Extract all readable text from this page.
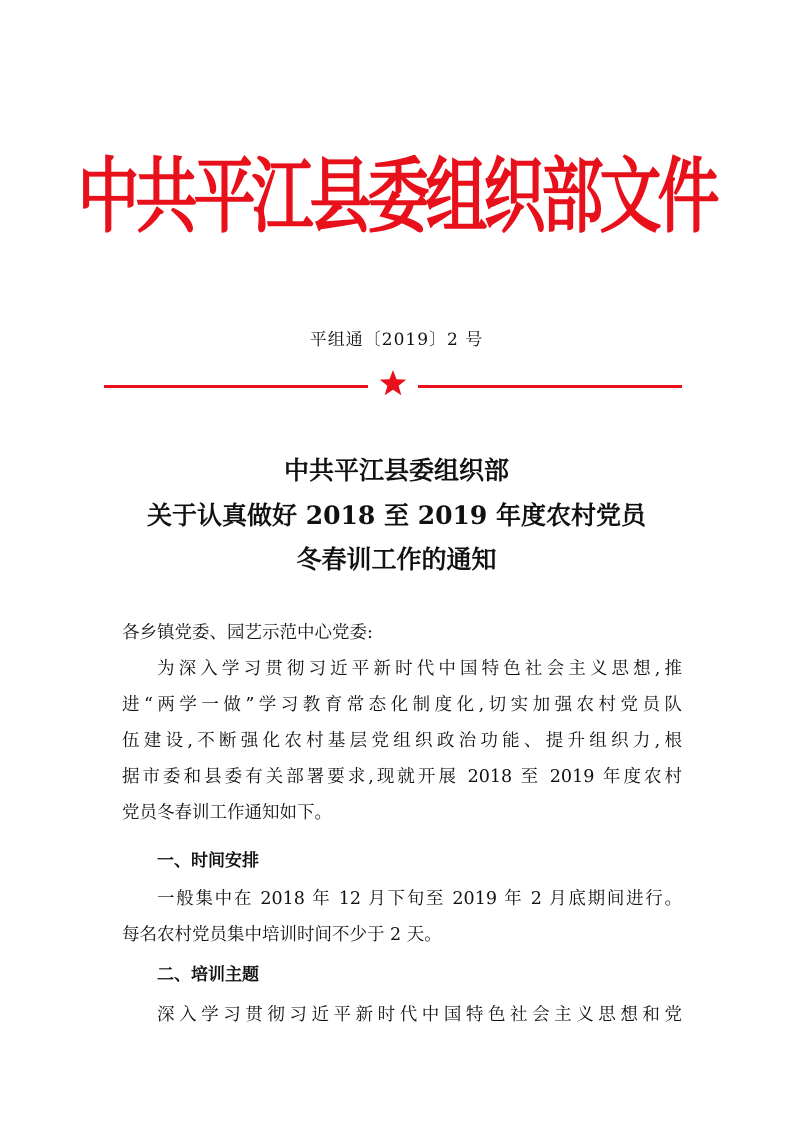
中共平江县委组织部文件
平组通〔2019〕2 号
中共平江县委组织部
关于认真做好 2018 至 2019 年度农村党员
冬春训工作的通知
各乡镇党委、园艺示范中心党委:
为深入学习贯彻习近平新时代中国特色社会主义思想,推
进“两学一做”学习教育常态化制度化,切实加强农村党员队
伍建设,不断强化农村基层党组织政治功能、提升组织力,根
据市委和县委有关部署要求,现就开展 2018 至 2019 年度农村
党员冬春训工作通知如下。
一、时间安排
一般集中在 2018 年 12 月下旬至 2019 年 2 月底期间进行。
每名农村党员集中培训时间不少于 2 天。
二、培训主题
深入学习贯彻习近平新时代中国特色社会主义思想和党
